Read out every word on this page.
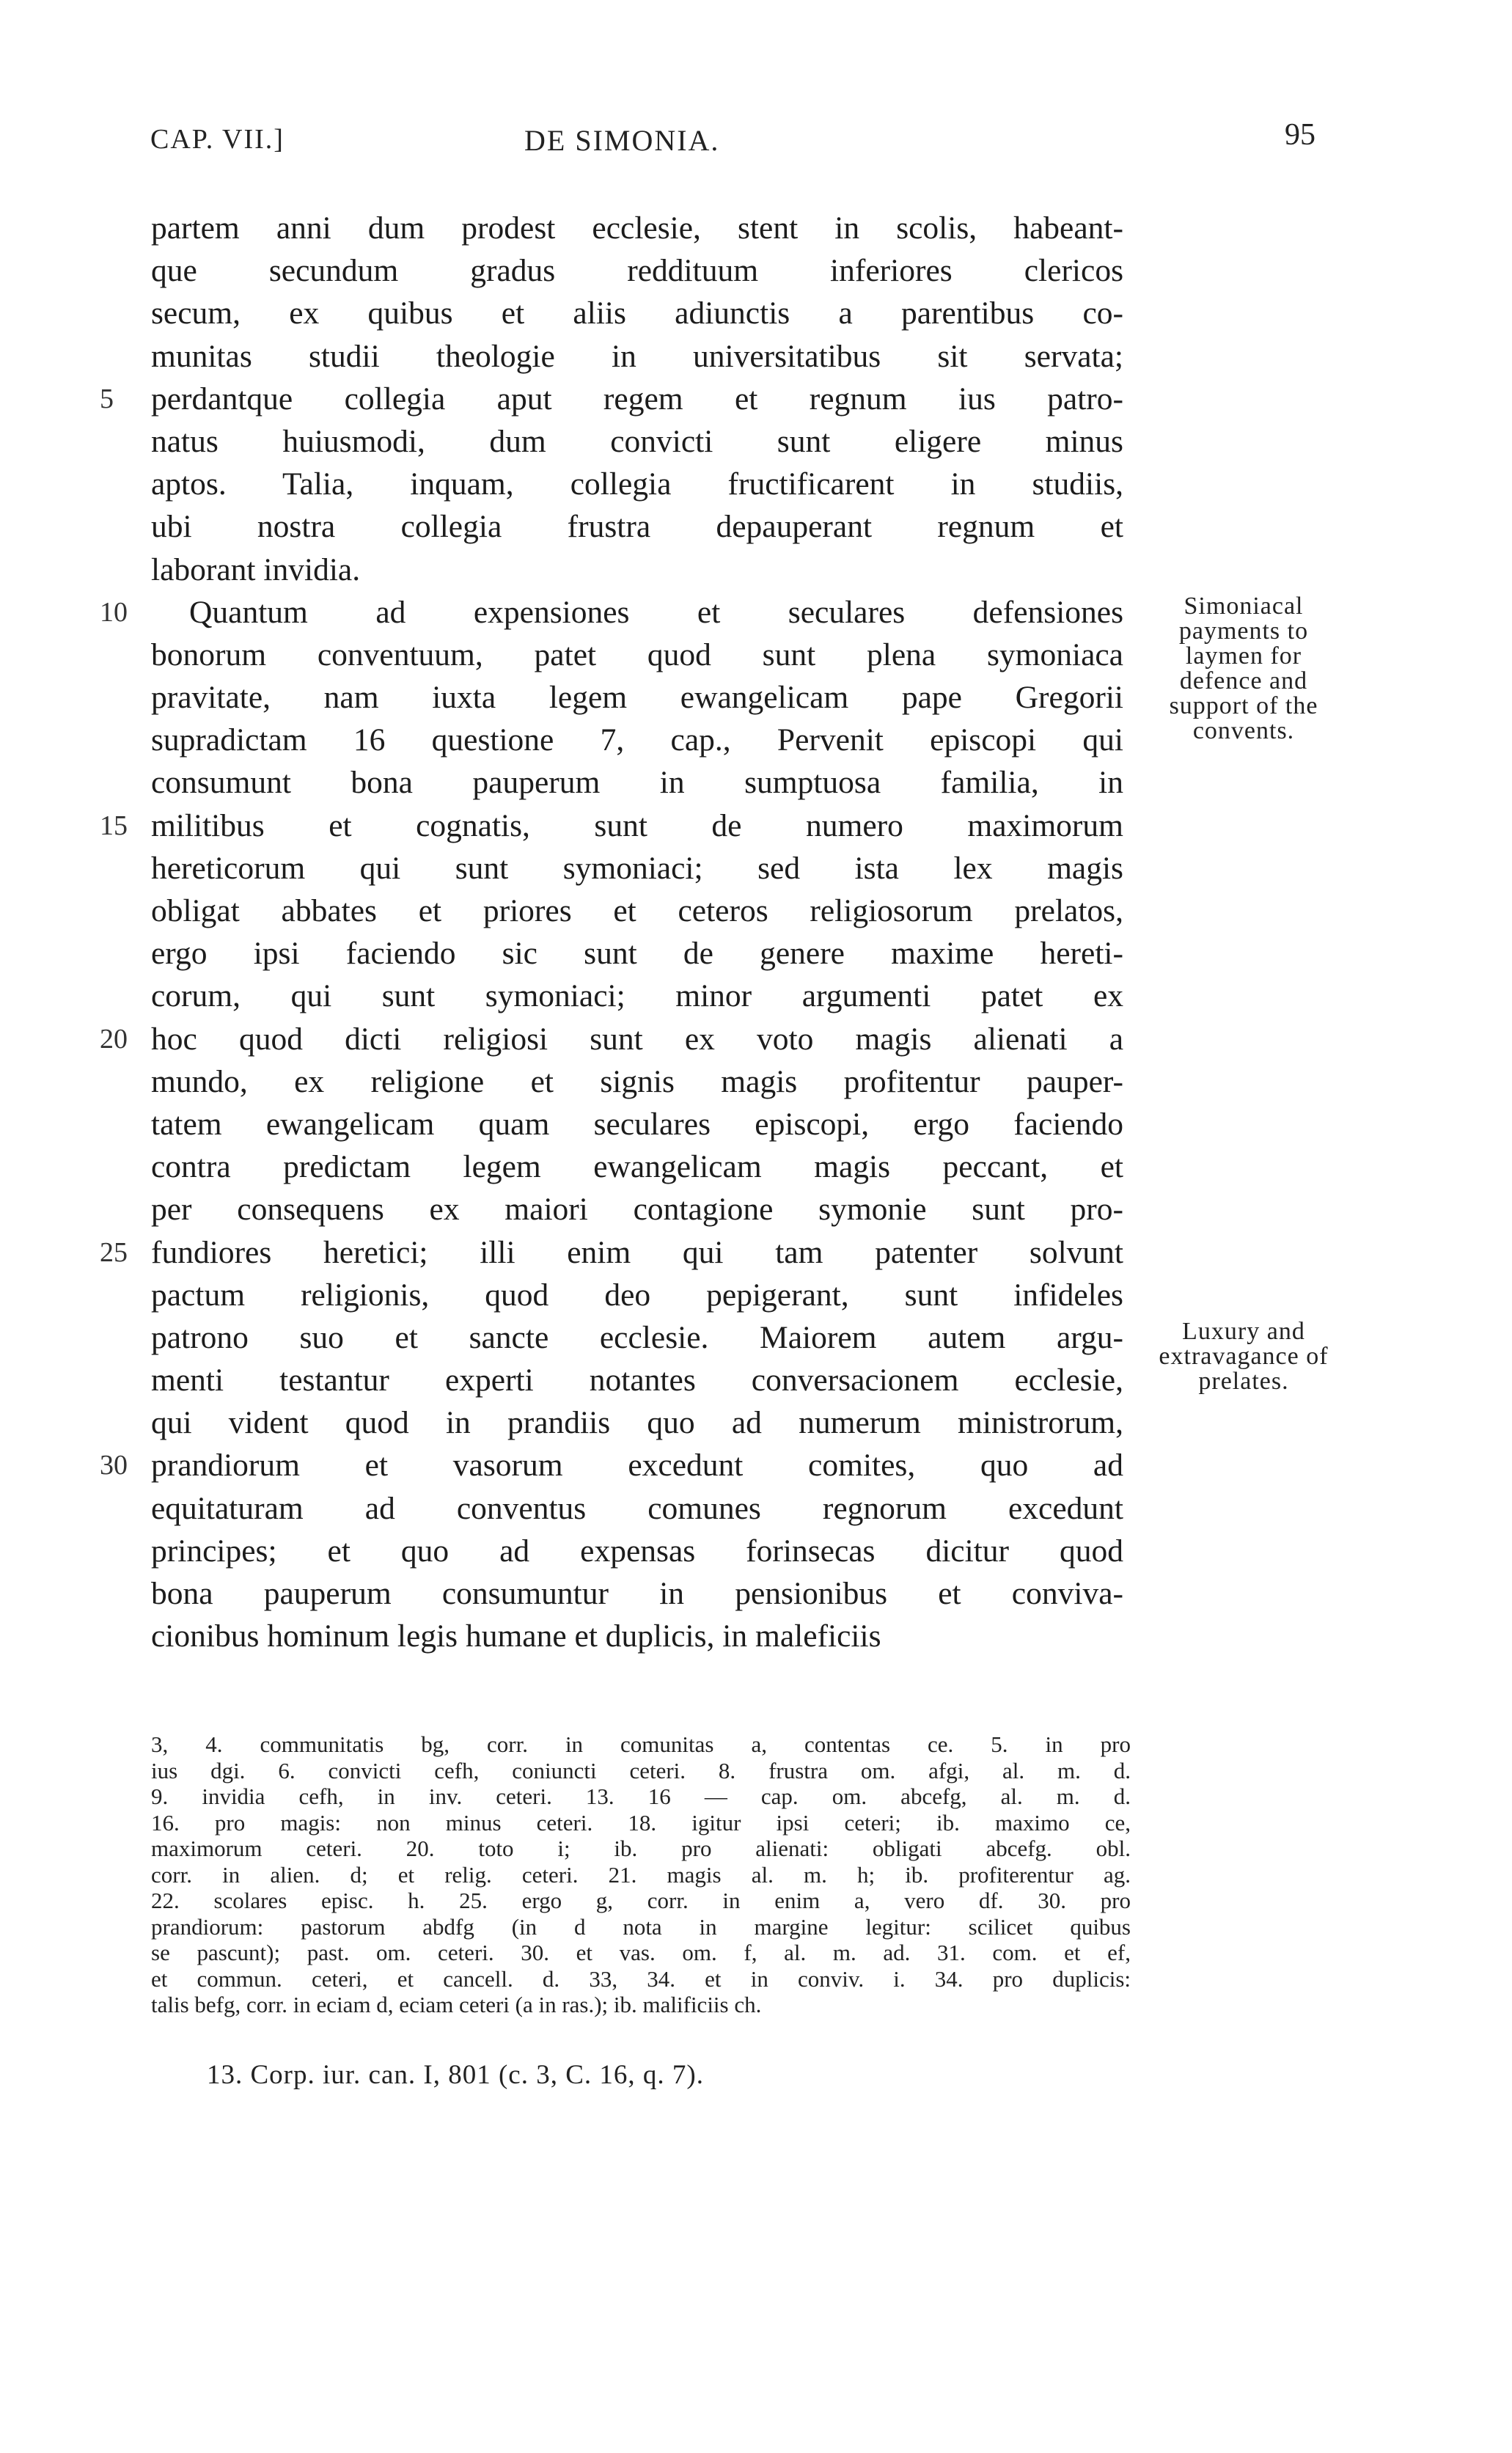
CAP. VII.]	DE SIMONIA.	95
partem anni dum prodest ecclesie, stent in scolis, habeant-
que secundum gradus reddituum inferiores clericos
secum, ex quibus et aliis adiunctis a parentibus co-
munitas studii theologie in universitatibus sit servata;
5	perdantque collegia aput regem et regnum ius patro-
natus huiusmodi, dum convicti sunt eligere minus
aptos. Talia, inquam, collegia fructificarent in studiis,
ubi nostra collegia frustra depauperant regnum et
laborant invidia.
10	Quantum ad expensiones et seculares defensiones
bonorum conventuum, patet quod sunt plena symoniaca
pravitate, nam iuxta legem ewangelicam pape Gregorii
supradictam 16 questione 7, cap., Pervenit episcopi qui
consumunt bona pauperum in sumptuosa familia, in
15 militibus et cognatis, sunt de numero maximorum
hereticorum qui sunt symoniaci; sed ista lex magis
obligat abbates et priores et ceteros religiosorum prelatos,
ergo ipsi faciendo sic sunt de genere maxime hereti-
corum, qui sunt symoniaci; minor argumenti patet ex
20 hoc quod dicti religiosi sunt ex voto magis alienati a
mundo, ex religione et signis magis profitentur pauper-
tatem ewangelicam quam seculares episcopi, ergo faciendo
contra predictam legem ewangelicam magis peccant, et
per consequens ex maiori contagione symonie sunt pro-
25 fundiores heretici; illi enim qui tam patenter solvunt
pactum religionis, quod deo pepigerant, sunt infideles
patrono suo et sancte ecclesie. Maiorem autem argu-
menti testantur experti notantes conversacionem ecclesie,
qui vident quod in prandiis quo ad numerum ministrorum,
30 prandiorum et vasorum excedunt comites, quo ad
equitaturam ad conventus comunes regnorum excedunt
principes; et quo ad expensas forinsecas dicitur quod
bona pauperum consumuntur in pensionibus et conviva-
cionibus hominum legis humane et duplicis, in maleficiis
Simoniacal
payments to
laymen for
defence and
support of the
convents.
Luxury and
extravagance of
prelates.
3, 4. communitatis bg, corr. in comunitas a, contentas ce. 5. in pro
ius dgi. 6. convicti cefh, coniuncti ceteri. 8. frustra om. afgi, al. m. d.
9. invidia cefh, in inv. ceteri. 13. 16 — cap. om. abcefg, al. m. d.
16. pro magis: non minus ceteri. 18. igitur ipsi ceteri; ib. maximo ce,
maximorum ceteri. 20. toto i; ib. pro alienati: obligati abcefg. obl.
corr. in alien. d; et relig. ceteri. 21. magis al. m. h; ib. profiterentur ag.
22. scolares episc. h. 25. ergo g, corr. in enim a, vero df. 30. pro
prandiorum: pastorum abdfg (in d nota in margine legitur: scilicet quibus
se pascunt); past. om. ceteri. 30. et vas. om. f, al. m. ad. 31. com. et ef,
et commun. ceteri, et cancell. d. 33, 34. et in conviv. i. 34. pro duplicis:
talis befg, corr. in eciam d, eciam ceteri (a in ras.); ib. malificiis ch.
13. Corp. iur. can. I, 801 (c. 3, C. 16, q. 7).
